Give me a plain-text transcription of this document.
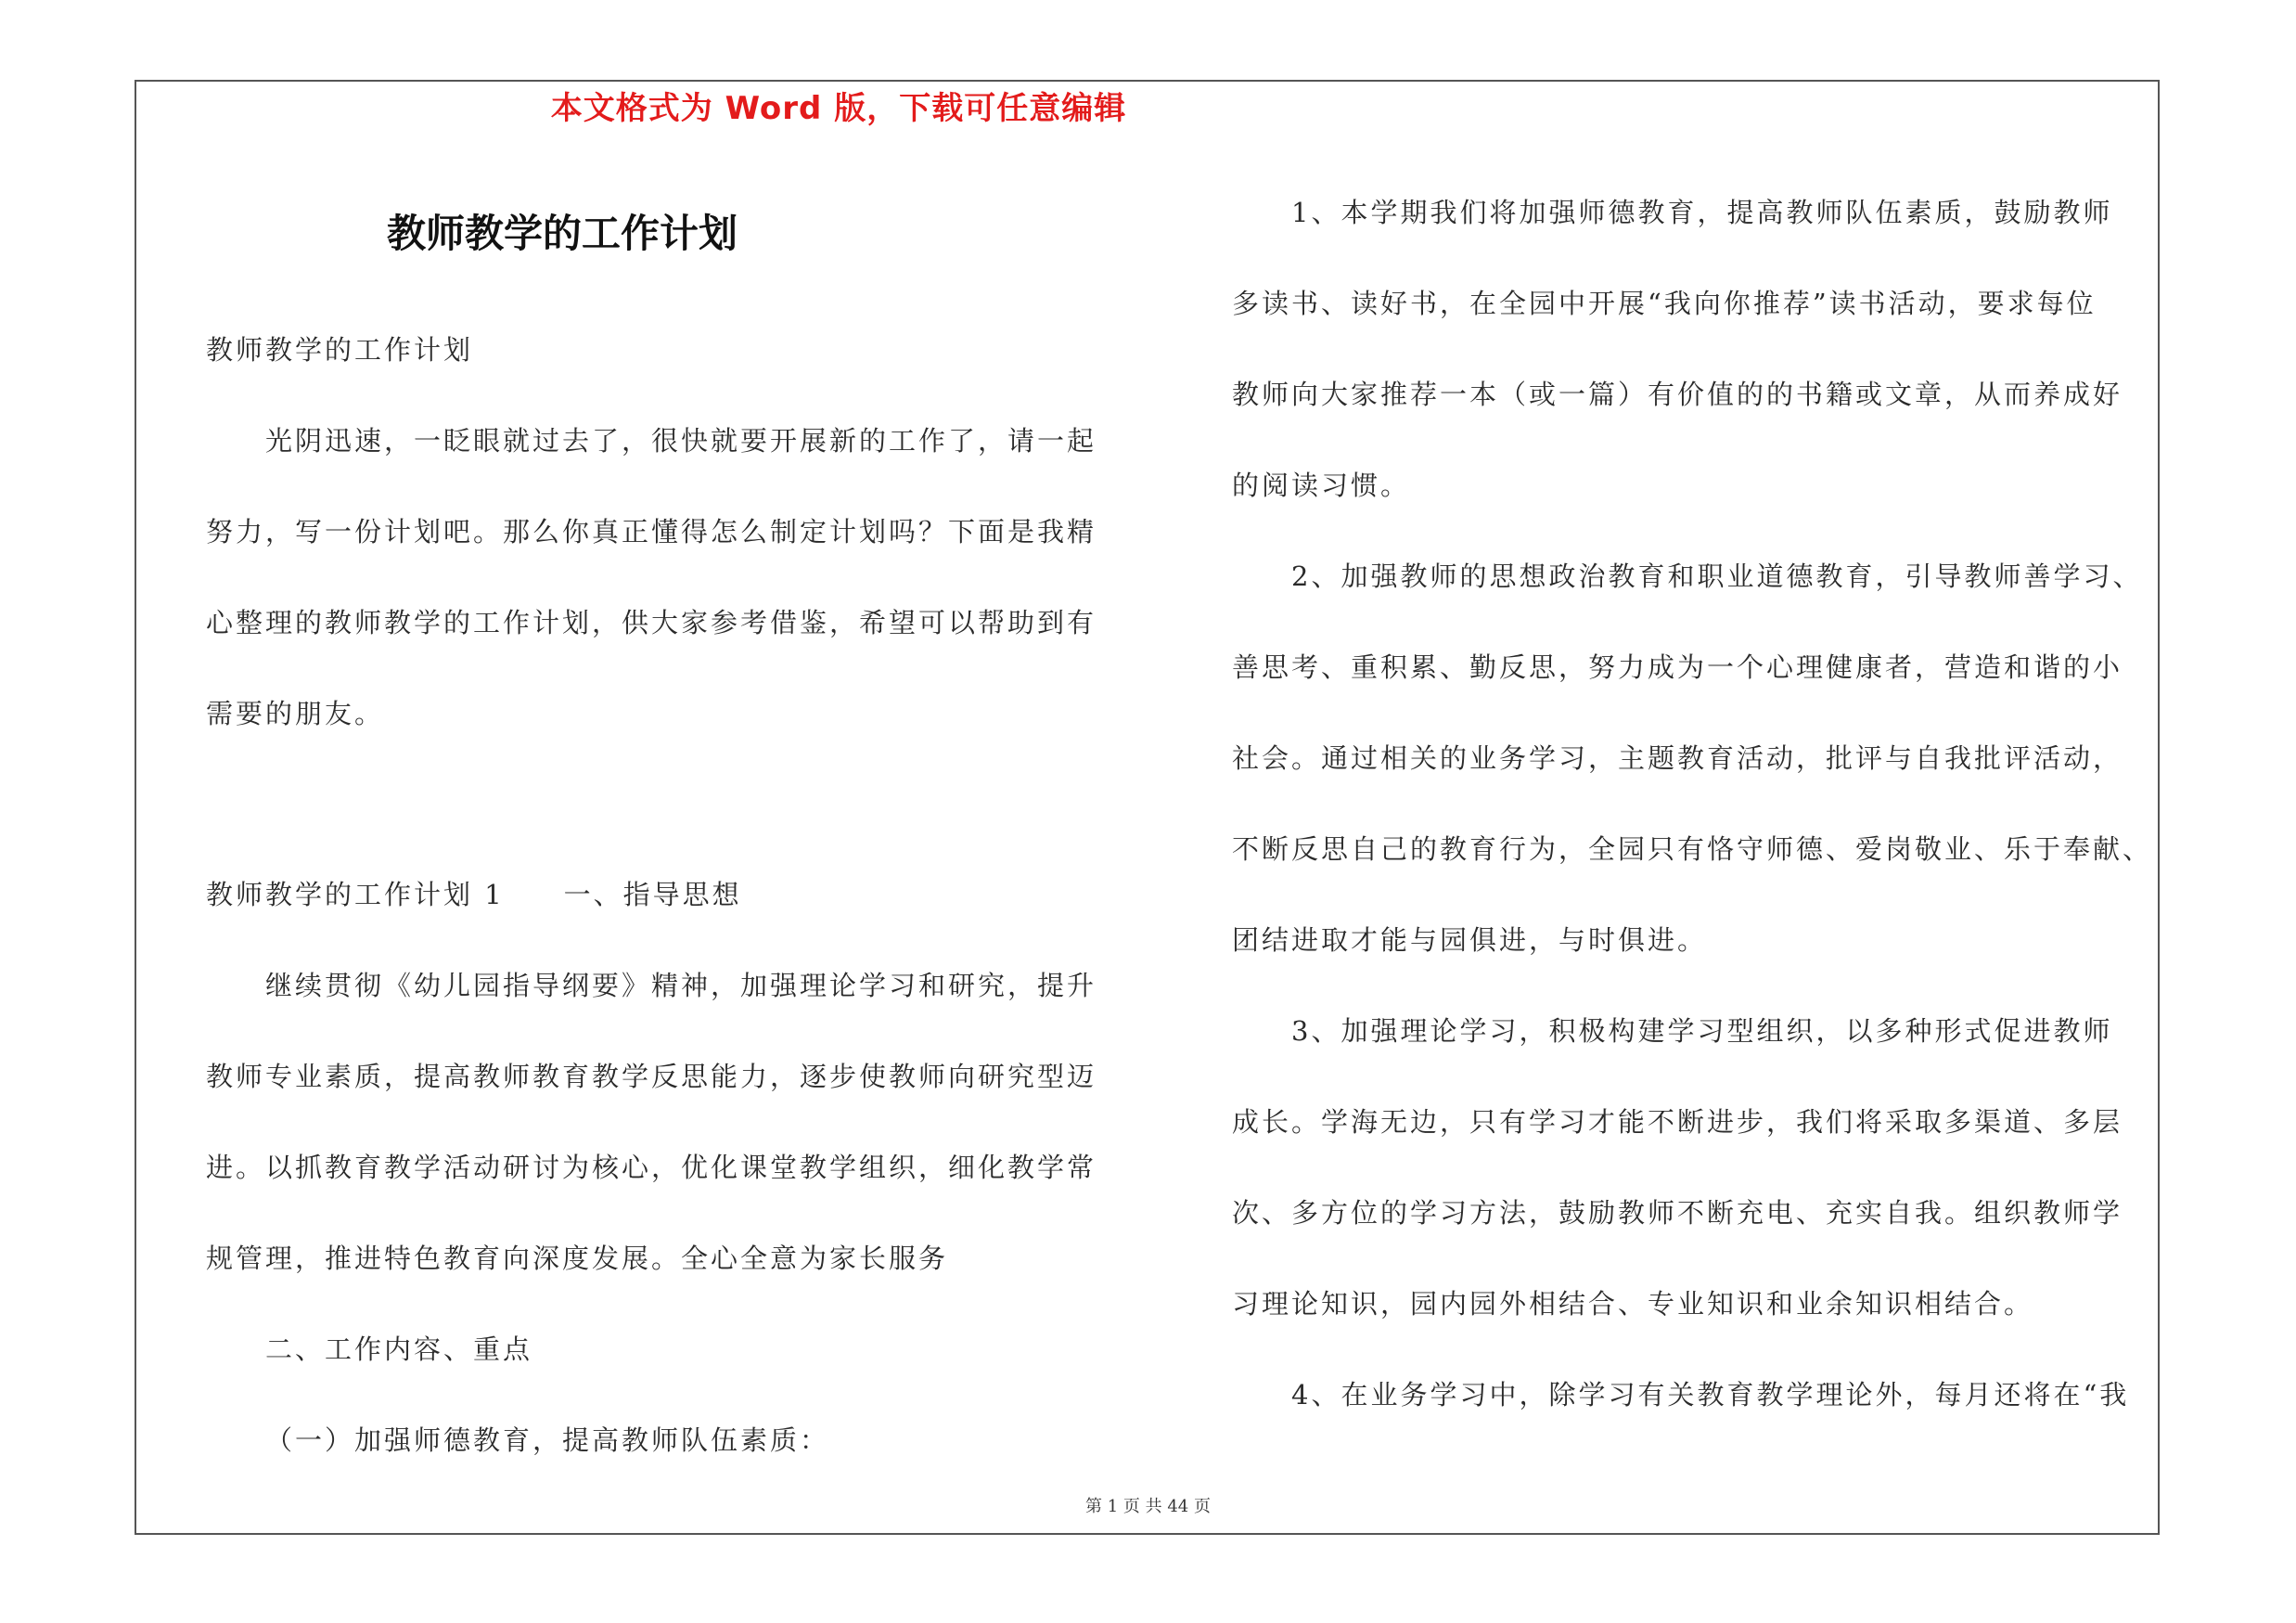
本文格式为 Word 版，下载可任意编辑
教师教学的工作计划
教师教学的工作计划
光阴迅速，一眨眼就过去了，很快就要开展新的工作了，请一起
努力，写一份计划吧。那么你真正懂得怎么制定计划吗？下面是我精
心整理的教师教学的工作计划，供大家参考借鉴，希望可以帮助到有
需要的朋友。
教师教学的工作计划 1　　一、指导思想
继续贯彻《幼儿园指导纲要》精神，加强理论学习和研究，提升
教师专业素质，提高教师教育教学反思能力，逐步使教师向研究型迈
进。以抓教育教学活动研讨为核心，优化课堂教学组织，细化教学常
规管理，推进特色教育向深度发展。全心全意为家长服务
二、工作内容、重点
（一）加强师德教育，提高教师队伍素质：
1、本学期我们将加强师德教育，提高教师队伍素质，鼓励教师
多读书、读好书，在全园中开展“我向你推荐”读书活动，要求每位
教师向大家推荐一本（或一篇）有价值的的书籍或文章，从而养成好
的阅读习惯。
2、加强教师的思想政治教育和职业道德教育，引导教师善学习、
善思考、重积累、勤反思，努力成为一个心理健康者，营造和谐的小
社会。通过相关的业务学习，主题教育活动，批评与自我批评活动，
不断反思自己的教育行为，全园只有恪守师德、爱岗敬业、乐于奉献、
团结进取才能与园俱进，与时俱进。
3、加强理论学习，积极构建学习型组织，以多种形式促进教师
成长。学海无边，只有学习才能不断进步，我们将采取多渠道、多层
次、多方位的学习方法，鼓励教师不断充电、充实自我。组织教师学
习理论知识，园内园外相结合、专业知识和业余知识相结合。
4、在业务学习中，除学习有关教育教学理论外，每月还将在“我
第 1 页 共 44 页
